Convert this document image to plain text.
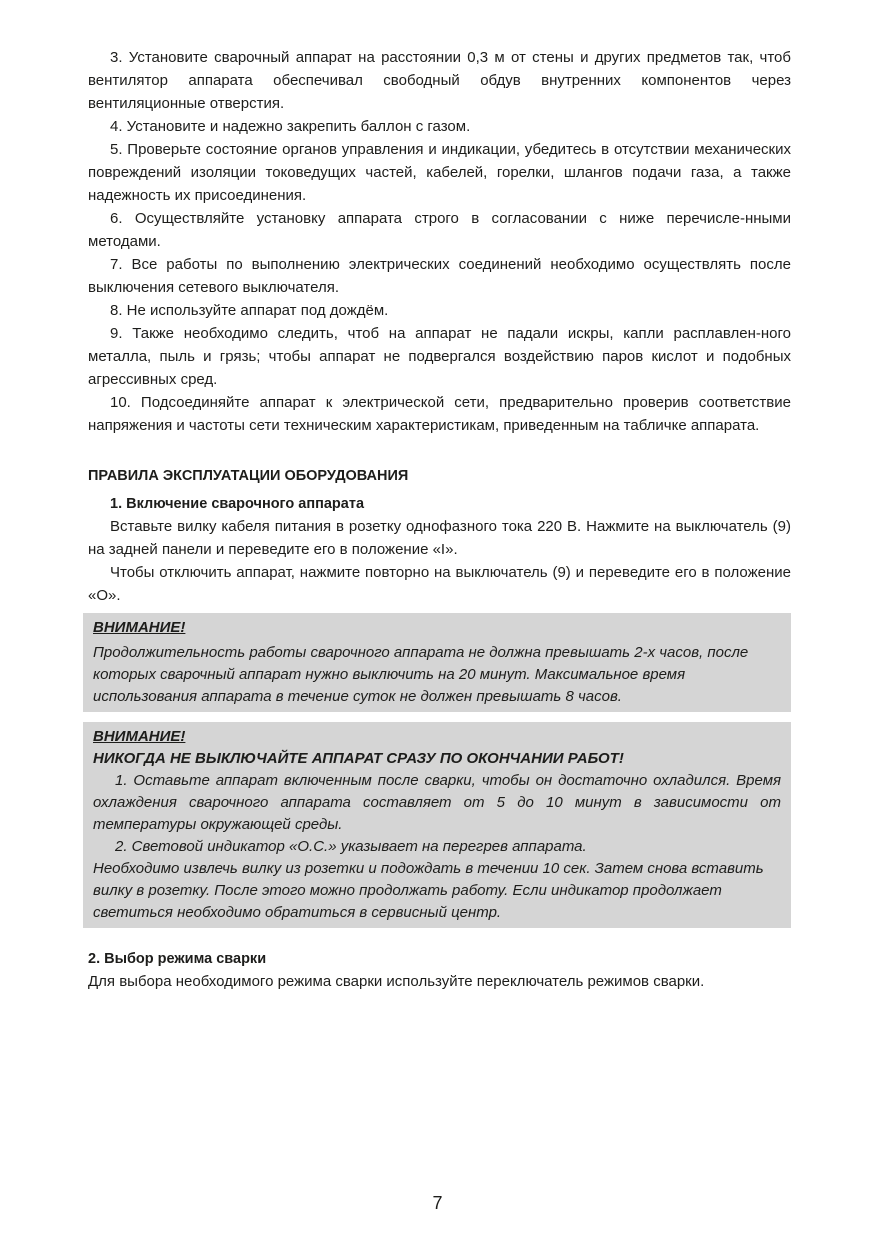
3. Установите сварочный аппарат на расстоянии 0,3 м от стены и других предметов так, чтоб вентилятор аппарата обеспечивал свободный обдув внутренних компонентов через вентиляционные отверстия.

4. Установите и надежно закрепить баллон с газом.

5. Проверьте состояние органов управления и индикации, убедитесь в отсутствии механических повреждений изоляции токоведущих частей, кабелей, горелки, шлангов подачи газа, а также надежность их присоединения.

6. Осуществляйте установку аппарата строго в согласовании с ниже перечисле-нными методами.

7. Все работы по выполнению электрических соединений необходимо осуществлять после выключения сетевого выключателя.

8. Не используйте аппарат под дождём.

9. Также необходимо следить, чтоб на аппарат не падали искры, капли расплавлен-ного металла, пыль и грязь; чтобы аппарат не подвергался воздействию паров кислот и подобных агрессивных сред.

10. Подсоединяйте аппарат к электрической сети, предварительно проверив соответствие напряжения и частоты сети техническим характеристикам, приведенным на табличке аппарата.

ПРАВИЛА ЭКСПЛУАТАЦИИ ОБОРУДОВАНИЯ

1. Включение сварочного аппарата

Вставьте вилку кабеля питания в розетку однофазного тока 220 В. Нажмите на выключатель (9) на задней панели и переведите его в положение «I».

Чтобы отключить аппарат, нажмите повторно на выключатель (9) и переведите его в положение «О».

ВНИМАНИЕ!

Продолжительность работы сварочного аппарата не должна превышать 2-х часов, после которых сварочный аппарат нужно выключить на 20 минут. Максимальное время использования аппарата в течение суток не должен превышать 8 часов.

ВНИМАНИЕ!

НИКОГДА НЕ ВЫКЛЮЧАЙТЕ АППАРАТ СРАЗУ ПО ОКОНЧАНИИ РАБОТ!

1. Оставьте аппарат включенным после сварки, чтобы он достаточно охладился. Время охлаждения сварочного аппарата составляет от 5 до 10 минут в зависимости от температуры окружающей среды.

2. Световой индикатор «О.С.» указывает на перегрев аппарата.

Необходимо извлечь вилку из розетки и подождать в течении 10 сек. Затем снова вставить вилку в розетку. После этого можно продолжать работу. Если индикатор продолжает светиться необходимо обратиться в сервисный центр.

2. Выбор режима сварки

Для выбора необходимого режима сварки используйте переключатель режимов сварки.

7
